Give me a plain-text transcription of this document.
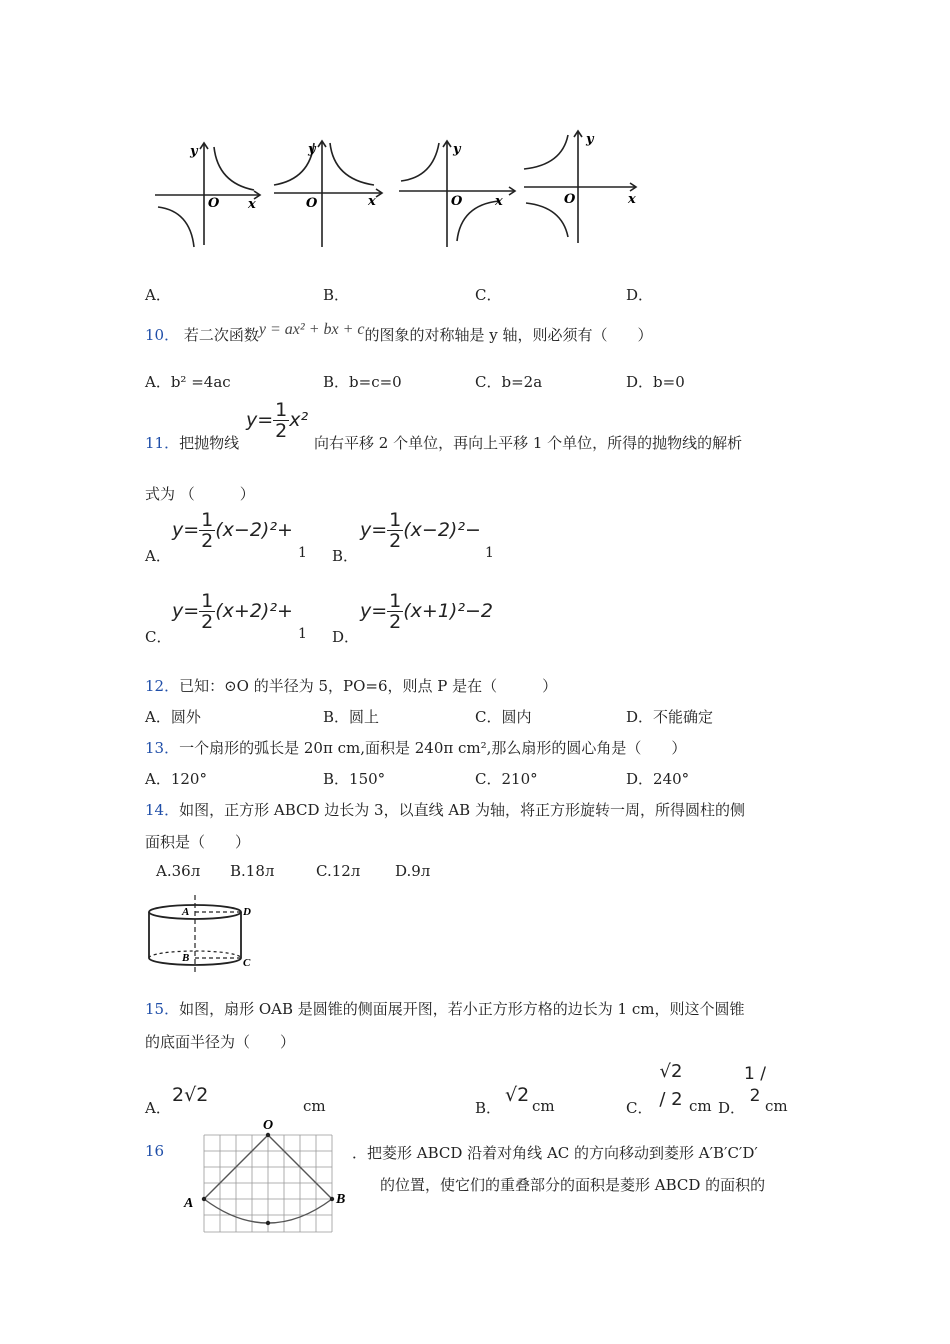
y
x
O
y
x
O
y
x
O
y
x
O
A．	B．	C．	D．
10． 若二次函数y = ax² + bx + c的图象的对称轴是 y 轴，则必须有（　　）
A．b² =4ac	B．b=c=0	C．b=2a	D．b=0
11．把抛物线
$y= \frac{1}{2} x^2$
向右平移 2 个单位，再向上平移 1 个单位，所得的抛物线的解析
式为 （　　　）
A．
$y= \frac{1}{2} (x-2)^2+$
1 B．
$y= \frac{1}{2} (x-2)^2-$
1
C．
$y= \frac{1}{2} (x+2)^2+$
1 D．
$y= \frac{1}{2} (x+1)^2-2$
12．已知：⊙O 的半径为 5，PO=6，则点 P 是在（　　　）
A．圆外	B．圆上	C．圆内	D．不能确定
13．一个扇形的弧长是 20π cm,面积是 240π cm²,那么扇形的圆心角是（　　）
A．120°	B．150°	C．210°	D．240°
14．如图，正方形 ABCD 边长为 3，以直线 AB 为轴，将正方形旋转一周，所得圆柱的侧
面积是（　　）
A.36л B.18л	C.12л D.9л
A
B	C
D
15．如图，扇形 OAB 是圆锥的侧面展开图，若小正方形方格的边长为 1 cm，则这个圆锥
的底面半径为（　　）
A．
2√2	cm	B．
√2 cm	C．
√2 / 2 cm D．
1 / 2 cm
16
O
A	B
．把菱形 ABCD 沿着对角线 AC 的方向移动到菱形 A′B′C′D′
的位置，使它们的重叠部分的面积是菱形 ABCD 的面积的
